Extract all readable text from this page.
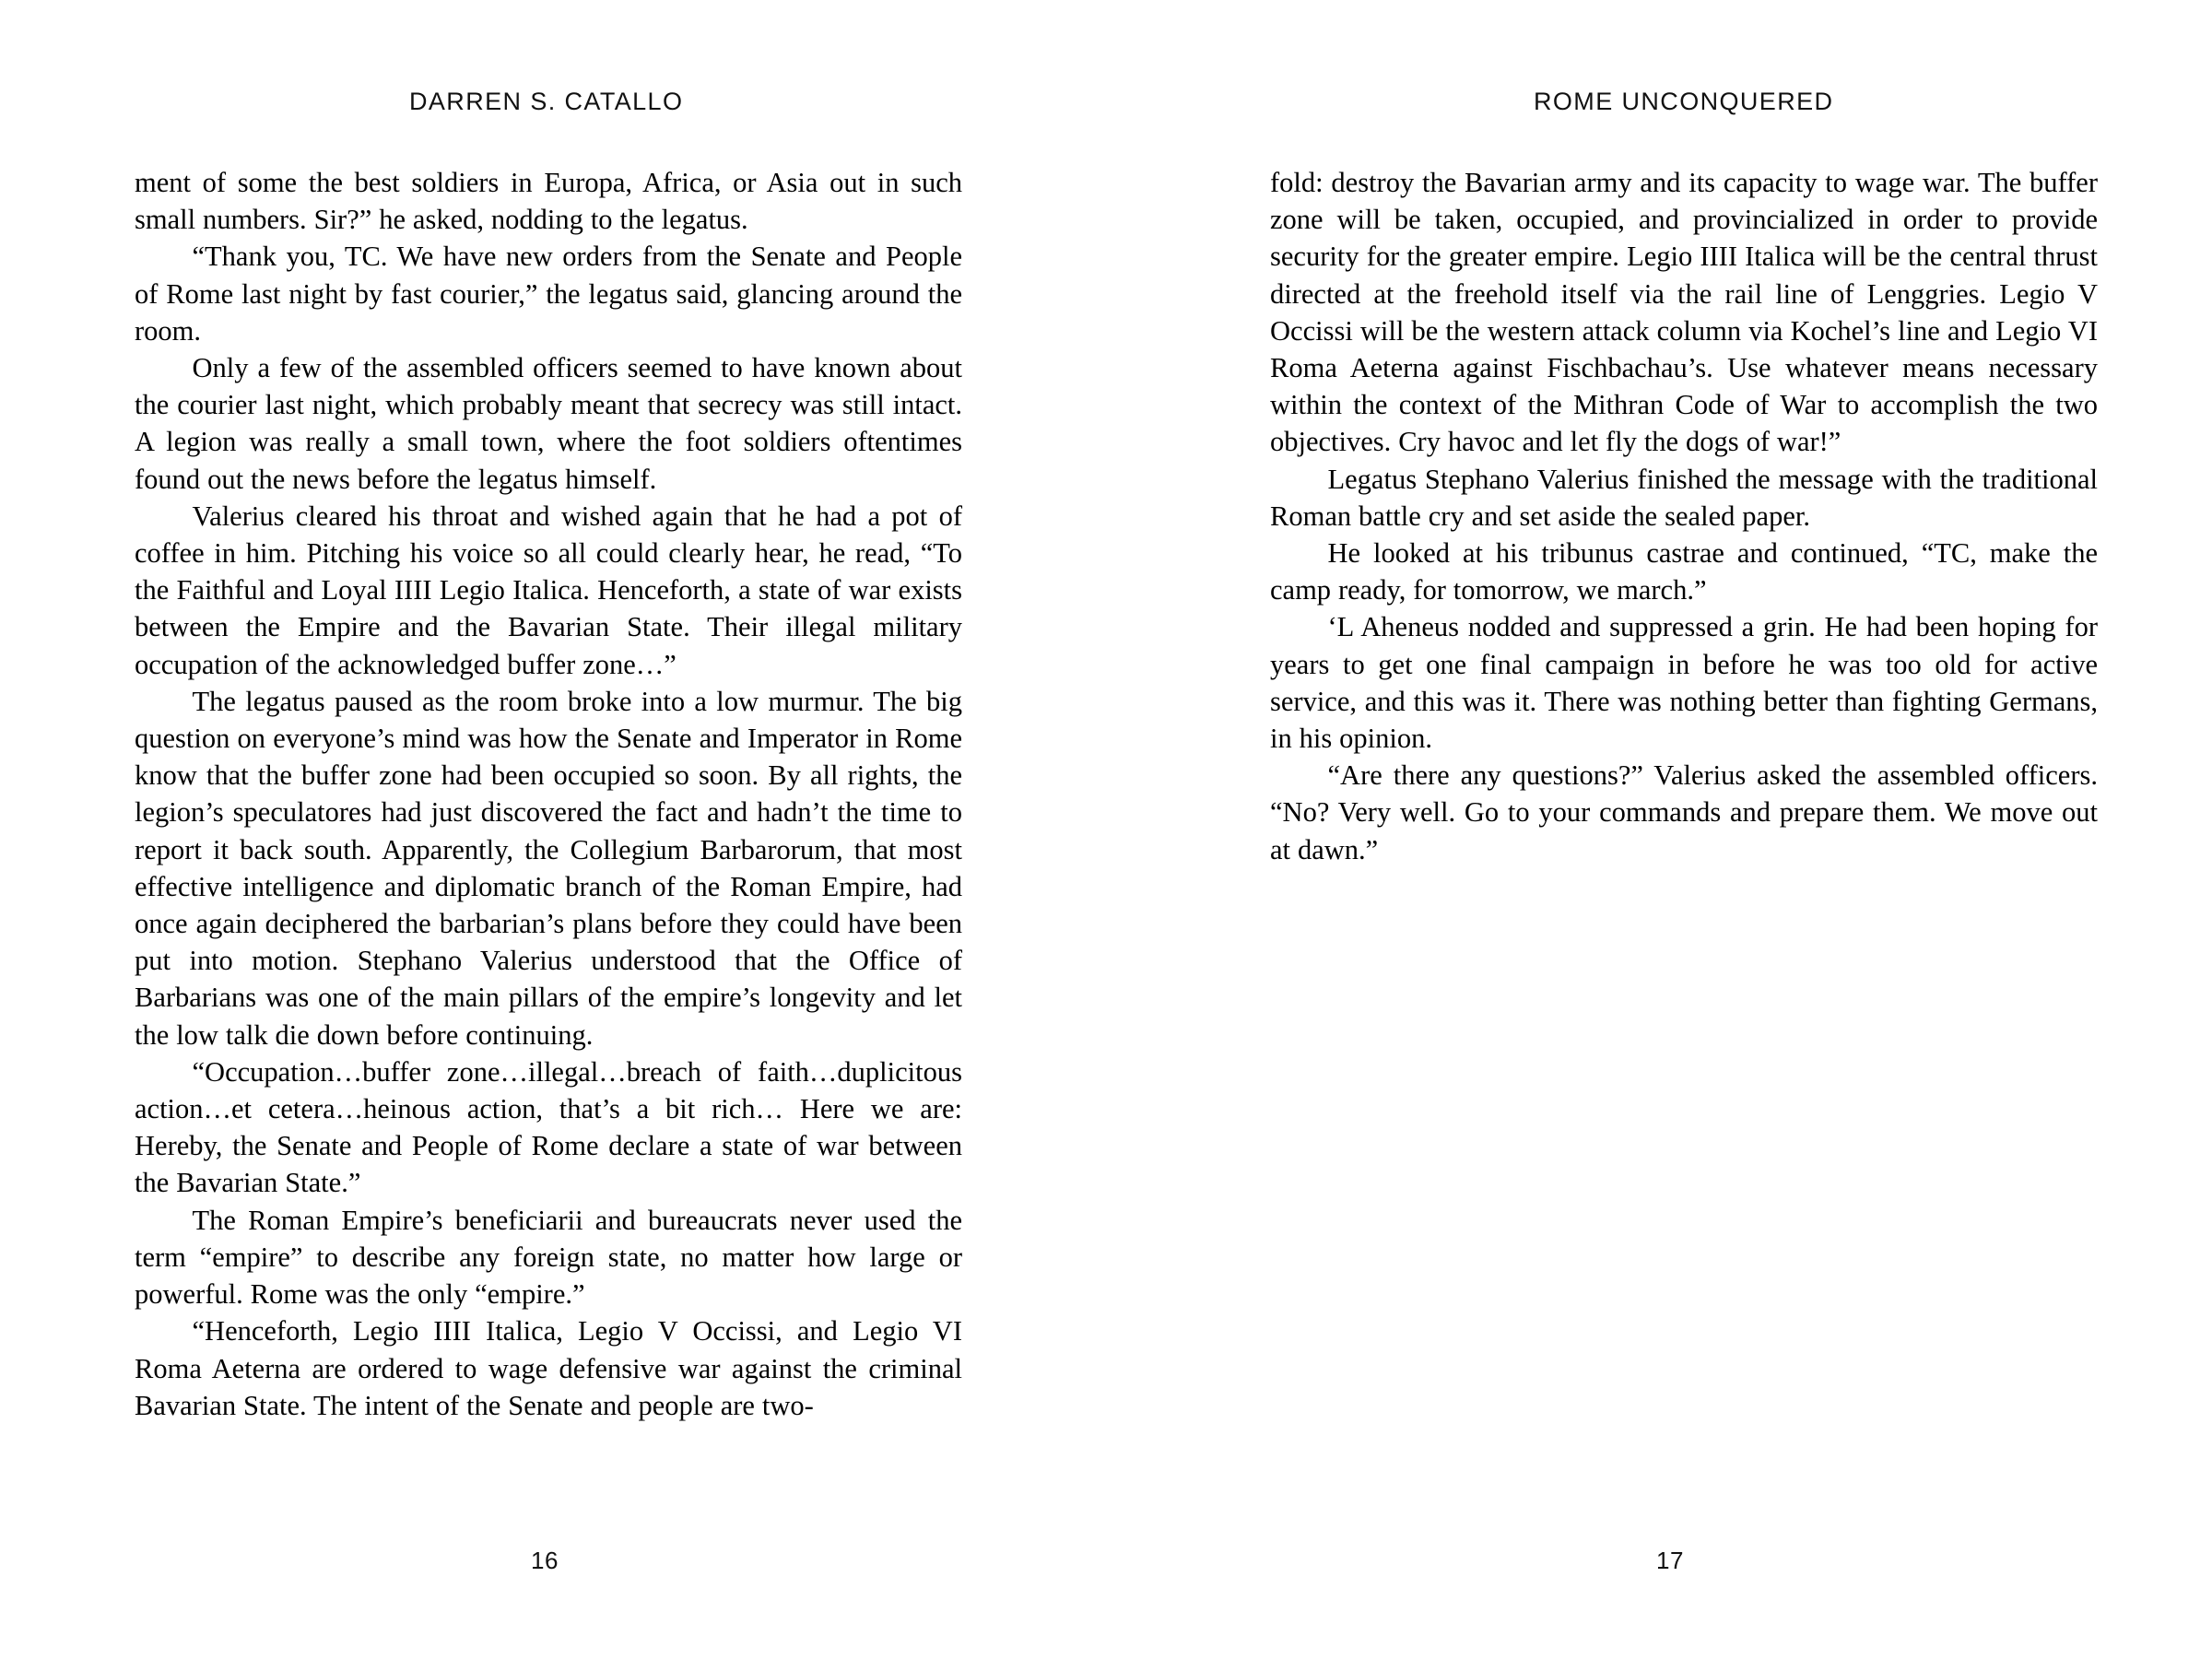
DARREN S. CATALLO	ROME UNCONQUERED

ment of some the best soldiers in Europa, Africa, or Asia out in such small numbers. Sir?” he asked, nodding to the legatus.

“Thank you, TC. We have new orders from the Senate and People of Rome last night by fast courier,” the legatus said, glancing around the room.

Only a few of the assembled officers seemed to have known about the courier last night, which probably meant that secrecy was still intact. A legion was really a small town, where the foot soldiers oftentimes found out the news before the legatus himself.

Valerius cleared his throat and wished again that he had a pot of coffee in him. Pitching his voice so all could clearly hear, he read, “To the Faithful and Loyal IIII Legio Italica. Henceforth, a state of war exists between the Empire and the Bavarian State. Their illegal military occupation of the acknowledged buffer zone…”

The legatus paused as the room broke into a low murmur. The big question on everyone’s mind was how the Senate and Imperator in Rome know that the buffer zone had been occupied so soon. By all rights, the legion’s speculatores had just discovered the fact and hadn’t the time to report it back south. Apparently, the Collegium Barbarorum, that most effective intelligence and diplomatic branch of the Roman Empire, had once again deciphered the barbarian’s plans before they could have been put into motion. Stephano Valerius understood that the Office of Barbarians was one of the main pillars of the empire’s longevity and let the low talk die down before continuing.

“Occupation…buffer zone…illegal…breach of faith…duplicitous action…et cetera…heinous action, that’s a bit rich… Here we are: Hereby, the Senate and People of Rome declare a state of war between the Bavarian State.”

The Roman Empire’s beneficiarii and bureaucrats never used the term “empire” to describe any foreign state, no matter how large or powerful. Rome was the only “empire.”

“Henceforth, Legio IIII Italica, Legio V Occissi, and Legio VI Roma Aeterna are ordered to wage defensive war against the criminal Bavarian State. The intent of the Senate and people are two-

fold: destroy the Bavarian army and its capacity to wage war. The buffer zone will be taken, occupied, and provincialized in order to provide security for the greater empire. Legio IIII Italica will be the central thrust directed at the freehold itself via the rail line of Lenggries. Legio V Occissi will be the western attack column via Kochel’s line and Legio VI Roma Aeterna against Fischbachau’s. Use whatever means necessary within the context of the Mithran Code of War to accomplish the two objectives. Cry havoc and let fly the dogs of war!”

Legatus Stephano Valerius finished the message with the traditional Roman battle cry and set aside the sealed paper.

He looked at his tribunus castrae and continued, “TC, make the camp ready, for tomorrow, we march.”

‘L Aheneus nodded and suppressed a grin. He had been hoping for years to get one final campaign in before he was too old for active service, and this was it. There was nothing better than fighting Germans, in his opinion.

“Are there any questions?” Valerius asked the assembled officers. “No? Very well. Go to your commands and prepare them. We move out at dawn.”

16	17
